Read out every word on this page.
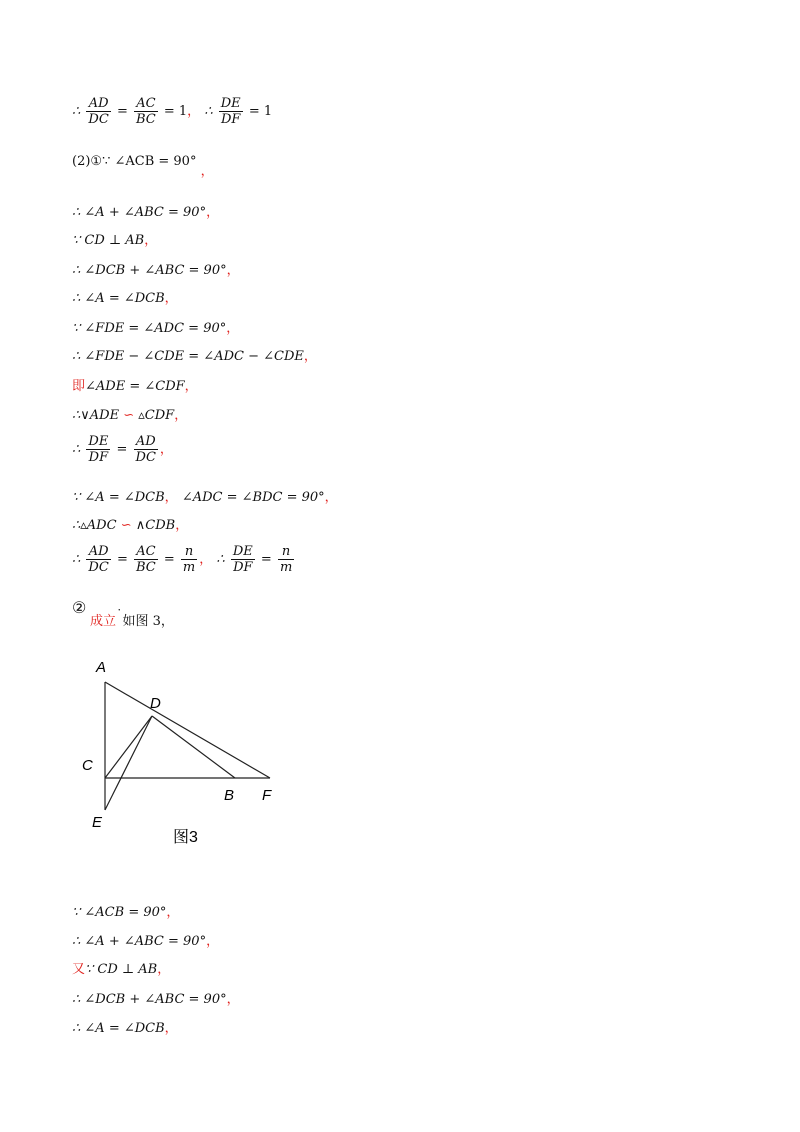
∴ $\frac{AD}{DC} = \frac{AC}{BC} = 1$， ∴ $\frac{DE}{DF} = 1$
(2)①∵ ∠ACB = 90° ，
∴ ∠A + ∠ABC = 90°，
∵ CD ⊥ AB，
∴ ∠DCB + ∠ABC = 90°，
∴ ∠A = ∠DCB，
∵ ∠FDE = ∠ADC = 90°，
∴ ∠FDE − ∠CDE = ∠ADC − ∠CDE，
即∠ADE = ∠CDF，
∴∨ADE ∽ ▵CDF，
∴ $\frac{DE}{DF} = \frac{AD}{DC}$ ，
∵ ∠A = ∠DCB， ∠ADC = ∠BDC = 90°，
∴▵ADC ∽ ∧CDB，
∴ $\frac{AD}{DC} = \frac{AC}{BC} = \frac{n}{m}$ ， ∴ $\frac{DE}{DF} = \frac{n}{m}$
②
成立˙如图 3，
A
D
C
B F
E
图3
∵ ∠ACB = 90°，
∴ ∠A + ∠ABC = 90°，
又∵ CD ⊥ AB，
∴ ∠DCB + ∠ABC = 90°，
∴ ∠A = ∠DCB，
